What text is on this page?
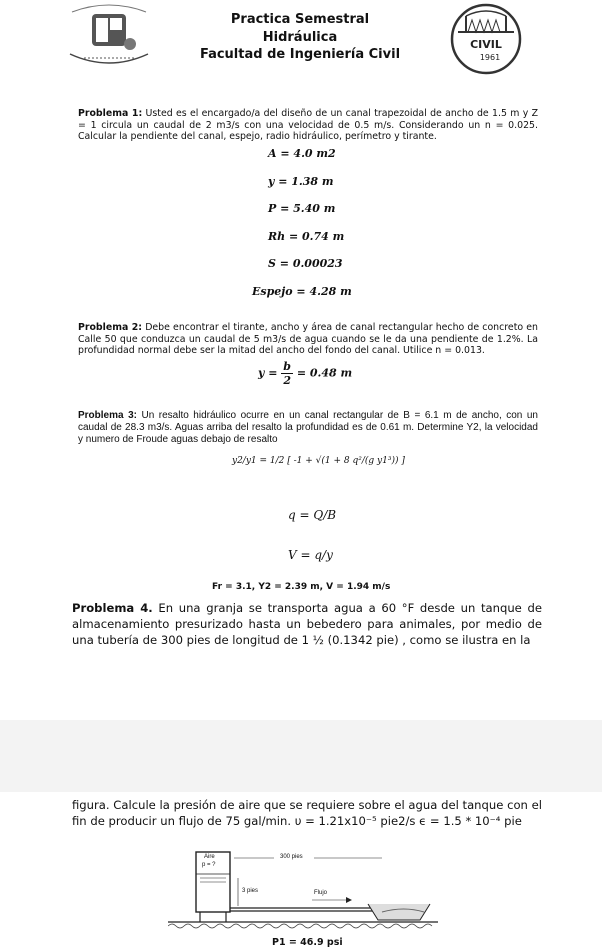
Practica Semestral
Hidráulica
Facultad de Ingeniería Civil
CIVIL
1961
Problema 1: Usted es el encargado/a del diseño de un canal trapezoidal de ancho de 1.5 m y Z = 1 circula un caudal de 2 m3/s con una velocidad de 0.5 m/s. Considerando un n = 0.025. Calcular la pendiente del canal, espejo, radio hidráulico, perímetro y tirante.
A = 4.0 m2
y = 1.38 m
P = 5.40 m
Rh = 0.74 m
S = 0.00023
Espejo = 4.28 m
Problema 2: Debe encontrar el tirante, ancho y área de canal rectangular hecho de concreto en Calle 50 que conduzca un caudal de 5 m3/s de agua cuando se le da una pendiente de 1.2%. La profundidad normal debe ser la mitad del ancho del fondo del canal. Utilice n = 0.013.
$y = \frac{b}{2} = 0.48$ m
Problema 3: Un resalto hidráulico ocurre en un canal rectangular de B = 6.1 m de ancho, con un caudal de 28.3 m3/s. Aguas arriba del resalto la profundidad es de 0.61 m. Determine Y2, la velocidad y numero de Froude aguas debajo de resalto
y2/y1 = 1/2 [ -1 + √(1 + 8 q²/(g y1³)) ]
q = Q/B
V = q/y
Fr = 3.1, Y2 = 2.39 m, V = 1.94 m/s
Problema 4. En una granja se transporta agua a 60 °F desde un tanque de almacenamiento presurizado hasta un bebedero para animales, por medio de una tubería de 300 pies de longitud de 1 ½ (0.1342 pie) , como se ilustra en la
figura. Calcule la presión de aire que se requiere sobre el agua del tanque con el fin de producir un flujo de 75 gal/min. υ = 1.21x10⁻⁵ pie2/s ϵ = 1.5 * 10⁻⁴ pie
Aire
p = ?
300 pies
3 pies	Flujo
P1 = 46.9 psi
